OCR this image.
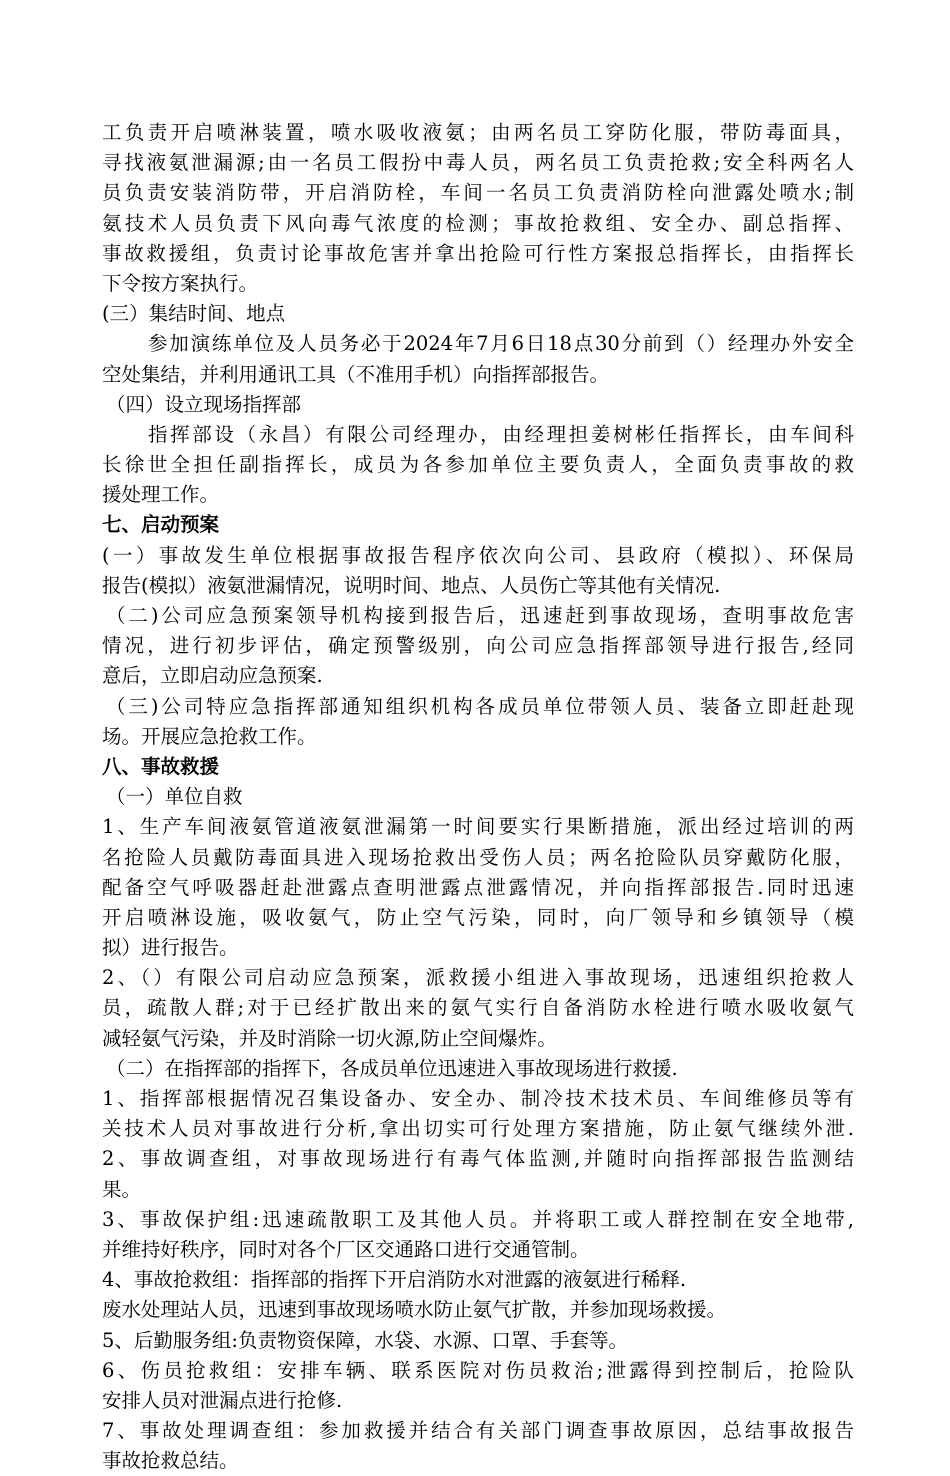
工负责开启喷淋装置，喷水吸收液氨；由两名员工穿防化服，带防毒面具，
寻找液氨泄漏源;由一名员工假扮中毒人员，两名员工负责抢救;安全科两名人
员负责安装消防带，开启消防栓，车间一名员工负责消防栓向泄露处喷水;制
氨技术人员负责下风向毒气浓度的检测；事故抢救组、安全办、副总指挥、
事故救援组，负责讨论事故危害并拿出抢险可行性方案报总指挥长，由指挥长
下令按方案执行。
(三）集结时间、地点
参加演练单位及人员务必于2024年7月6日18点30分前到（）经理办外安全
空处集结，并利用通讯工具（不准用手机）向指挥部报告。
（四）设立现场指挥部
指挥部设（永昌）有限公司经理办，由经理担姜树彬任指挥长，由车间科
长徐世全担任副指挥长，成员为各参加单位主要负责人，全面负责事故的救
援处理工作。
七、启动预案
(一）事故发生单位根据事故报告程序依次向公司、县政府（模拟）、环保局
报告(模拟）液氨泄漏情况，说明时间、地点、人员伤亡等其他有关情况.
（二)公司应急预案领导机构接到报告后，迅速赶到事故现场，查明事故危害
情况，进行初步评估，确定预警级别，向公司应急指挥部领导进行报告,经同
意后，立即启动应急预案.
（三)公司特应急指挥部通知组织机构各成员单位带领人员、装备立即赶赴现
场。开展应急抢救工作。
八、事故救援
（一）单位自救
1、生产车间液氨管道液氨泄漏第一时间要实行果断措施，派出经过培训的两
名抢险人员戴防毒面具进入现场抢救出受伤人员；两名抢险队员穿戴防化服，
配备空气呼吸器赶赴泄露点查明泄露点泄露情况，并向指挥部报告.同时迅速
开启喷淋设施，吸收氨气，防止空气污染，同时，向厂领导和乡镇领导（模
拟）进行报告。
2、（）有限公司启动应急预案，派救援小组进入事故现场，迅速组织抢救人
员，疏散人群;对于已经扩散出来的氨气实行自备消防水栓进行喷水吸收氨气
减轻氨气污染，并及时消除一切火源,防止空间爆炸。
（二）在指挥部的指挥下，各成员单位迅速进入事故现场进行救援.
1、指挥部根据情况召集设备办、安全办、制冷技术技术员、车间维修员等有
关技术人员对事故进行分析,拿出切实可行处理方案措施，防止氨气继续外泄.
2、事故调查组，对事故现场进行有毒气体监测,并随时向指挥部报告监测结
果。
3、事故保护组:迅速疏散职工及其他人员。并将职工或人群控制在安全地带,
并维持好秩序，同时对各个厂区交通路口进行交通管制。
4、事故抢救组：指挥部的指挥下开启消防水对泄露的液氨进行稀释.
废水处理站人员，迅速到事故现场喷水防止氨气扩散，并参加现场救援。
5、后勤服务组:负责物资保障，水袋、水源、口罩、手套等。
6、伤员抢救组：安排车辆、联系医院对伤员救治;泄露得到控制后，抢险队
安排人员对泄漏点进行抢修.
7、事故处理调查组：参加救援并结合有关部门调查事故原因，总结事故报告
事故抢救总结。
